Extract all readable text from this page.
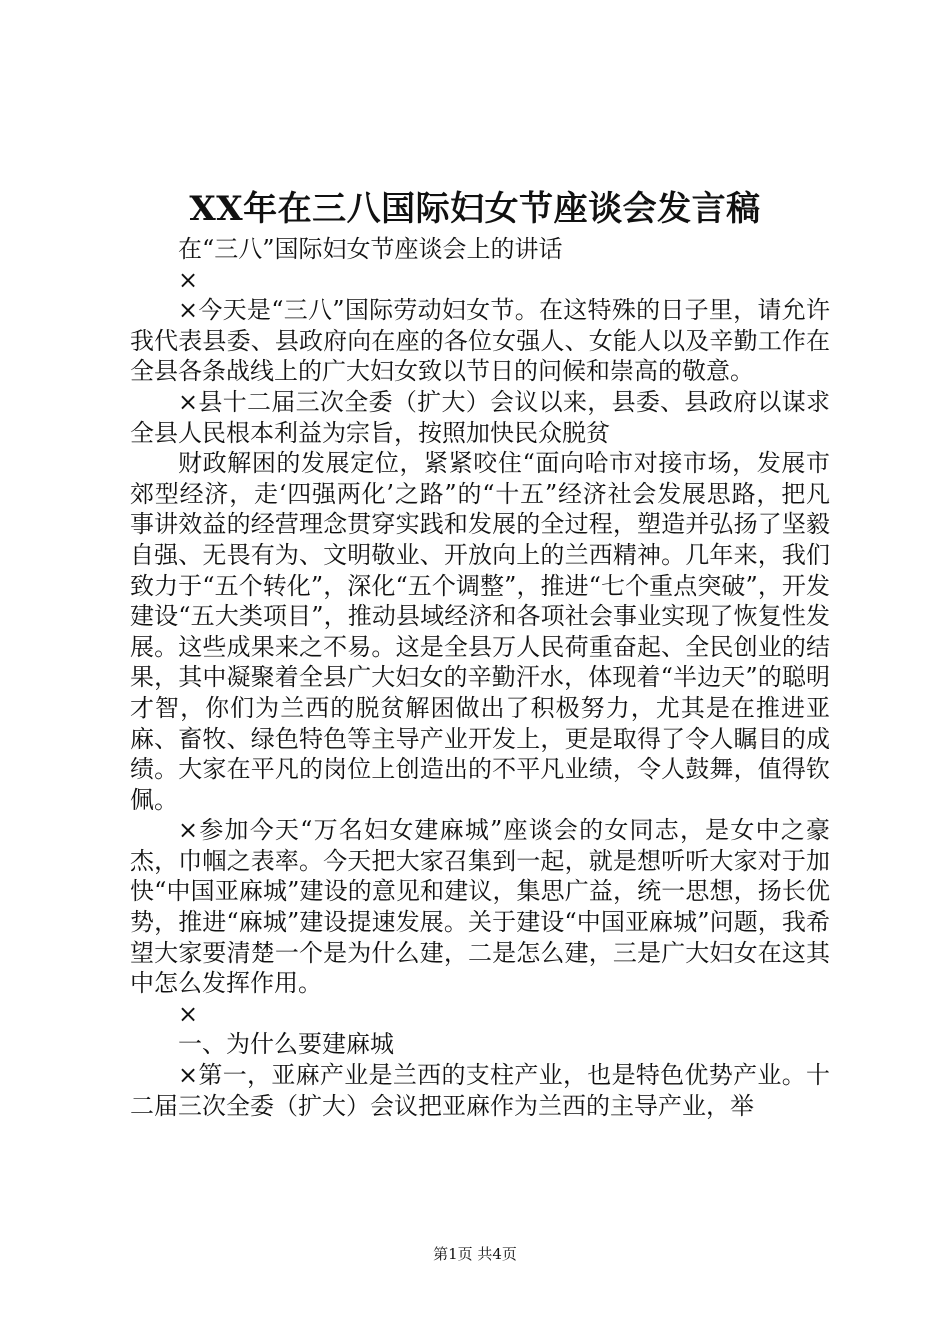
XX年在三八国际妇女节座谈会发言稿

在“三八”国际妇女节座谈会上的讲话

×

×今天是“三八”国际劳动妇女节。在这特殊的日子里，请允许我代表县委、县政府向在座的各位女强人、女能人以及辛勤工作在全县各条战线上的广大妇女致以节日的问候和崇高的敬意。

×县十二届三次全委（扩大）会议以来，县委、县政府以谋求全县人民根本利益为宗旨，按照加快民众脱贫

财政解困的发展定位，紧紧咬住“面向哈市对接市场，发展市郊型经济，走‘四强两化’之路”的“十五”经济社会发展思路，把凡事讲效益的经营理念贯穿实践和发展的全过程，塑造并弘扬了坚毅自强、无畏有为、文明敬业、开放向上的兰西精神。几年来，我们致力于“五个转化”，深化“五个调整”，推进“七个重点突破”，开发建设“五大类项目”，推动县域经济和各项社会事业实现了恢复性发展。这些成果来之不易。这是全县万人民荷重奋起、全民创业的结果，其中凝聚着全县广大妇女的辛勤汗水，体现着“半边天”的聪明才智，你们为兰西的脱贫解困做出了积极努力，尤其是在推进亚麻、畜牧、绿色特色等主导产业开发上，更是取得了令人瞩目的成绩。大家在平凡的岗位上创造出的不平凡业绩，令人鼓舞，值得钦佩。

×参加今天“万名妇女建麻城”座谈会的女同志，是女中之豪杰，巾帼之表率。今天把大家召集到一起，就是想听听大家对于加快“中国亚麻城”建设的意见和建议，集思广益，统一思想，扬长优势，推进“麻城”建设提速发展。关于建设“中国亚麻城”问题，我希望大家要清楚一个是为什么建，二是怎么建，三是广大妇女在这其中怎么发挥作用。

×

一、为什么要建麻城

×第一，亚麻产业是兰西的支柱产业，也是特色优势产业。十二届三次全委（扩大）会议把亚麻作为兰西的主导产业，举

第1页 共4页
